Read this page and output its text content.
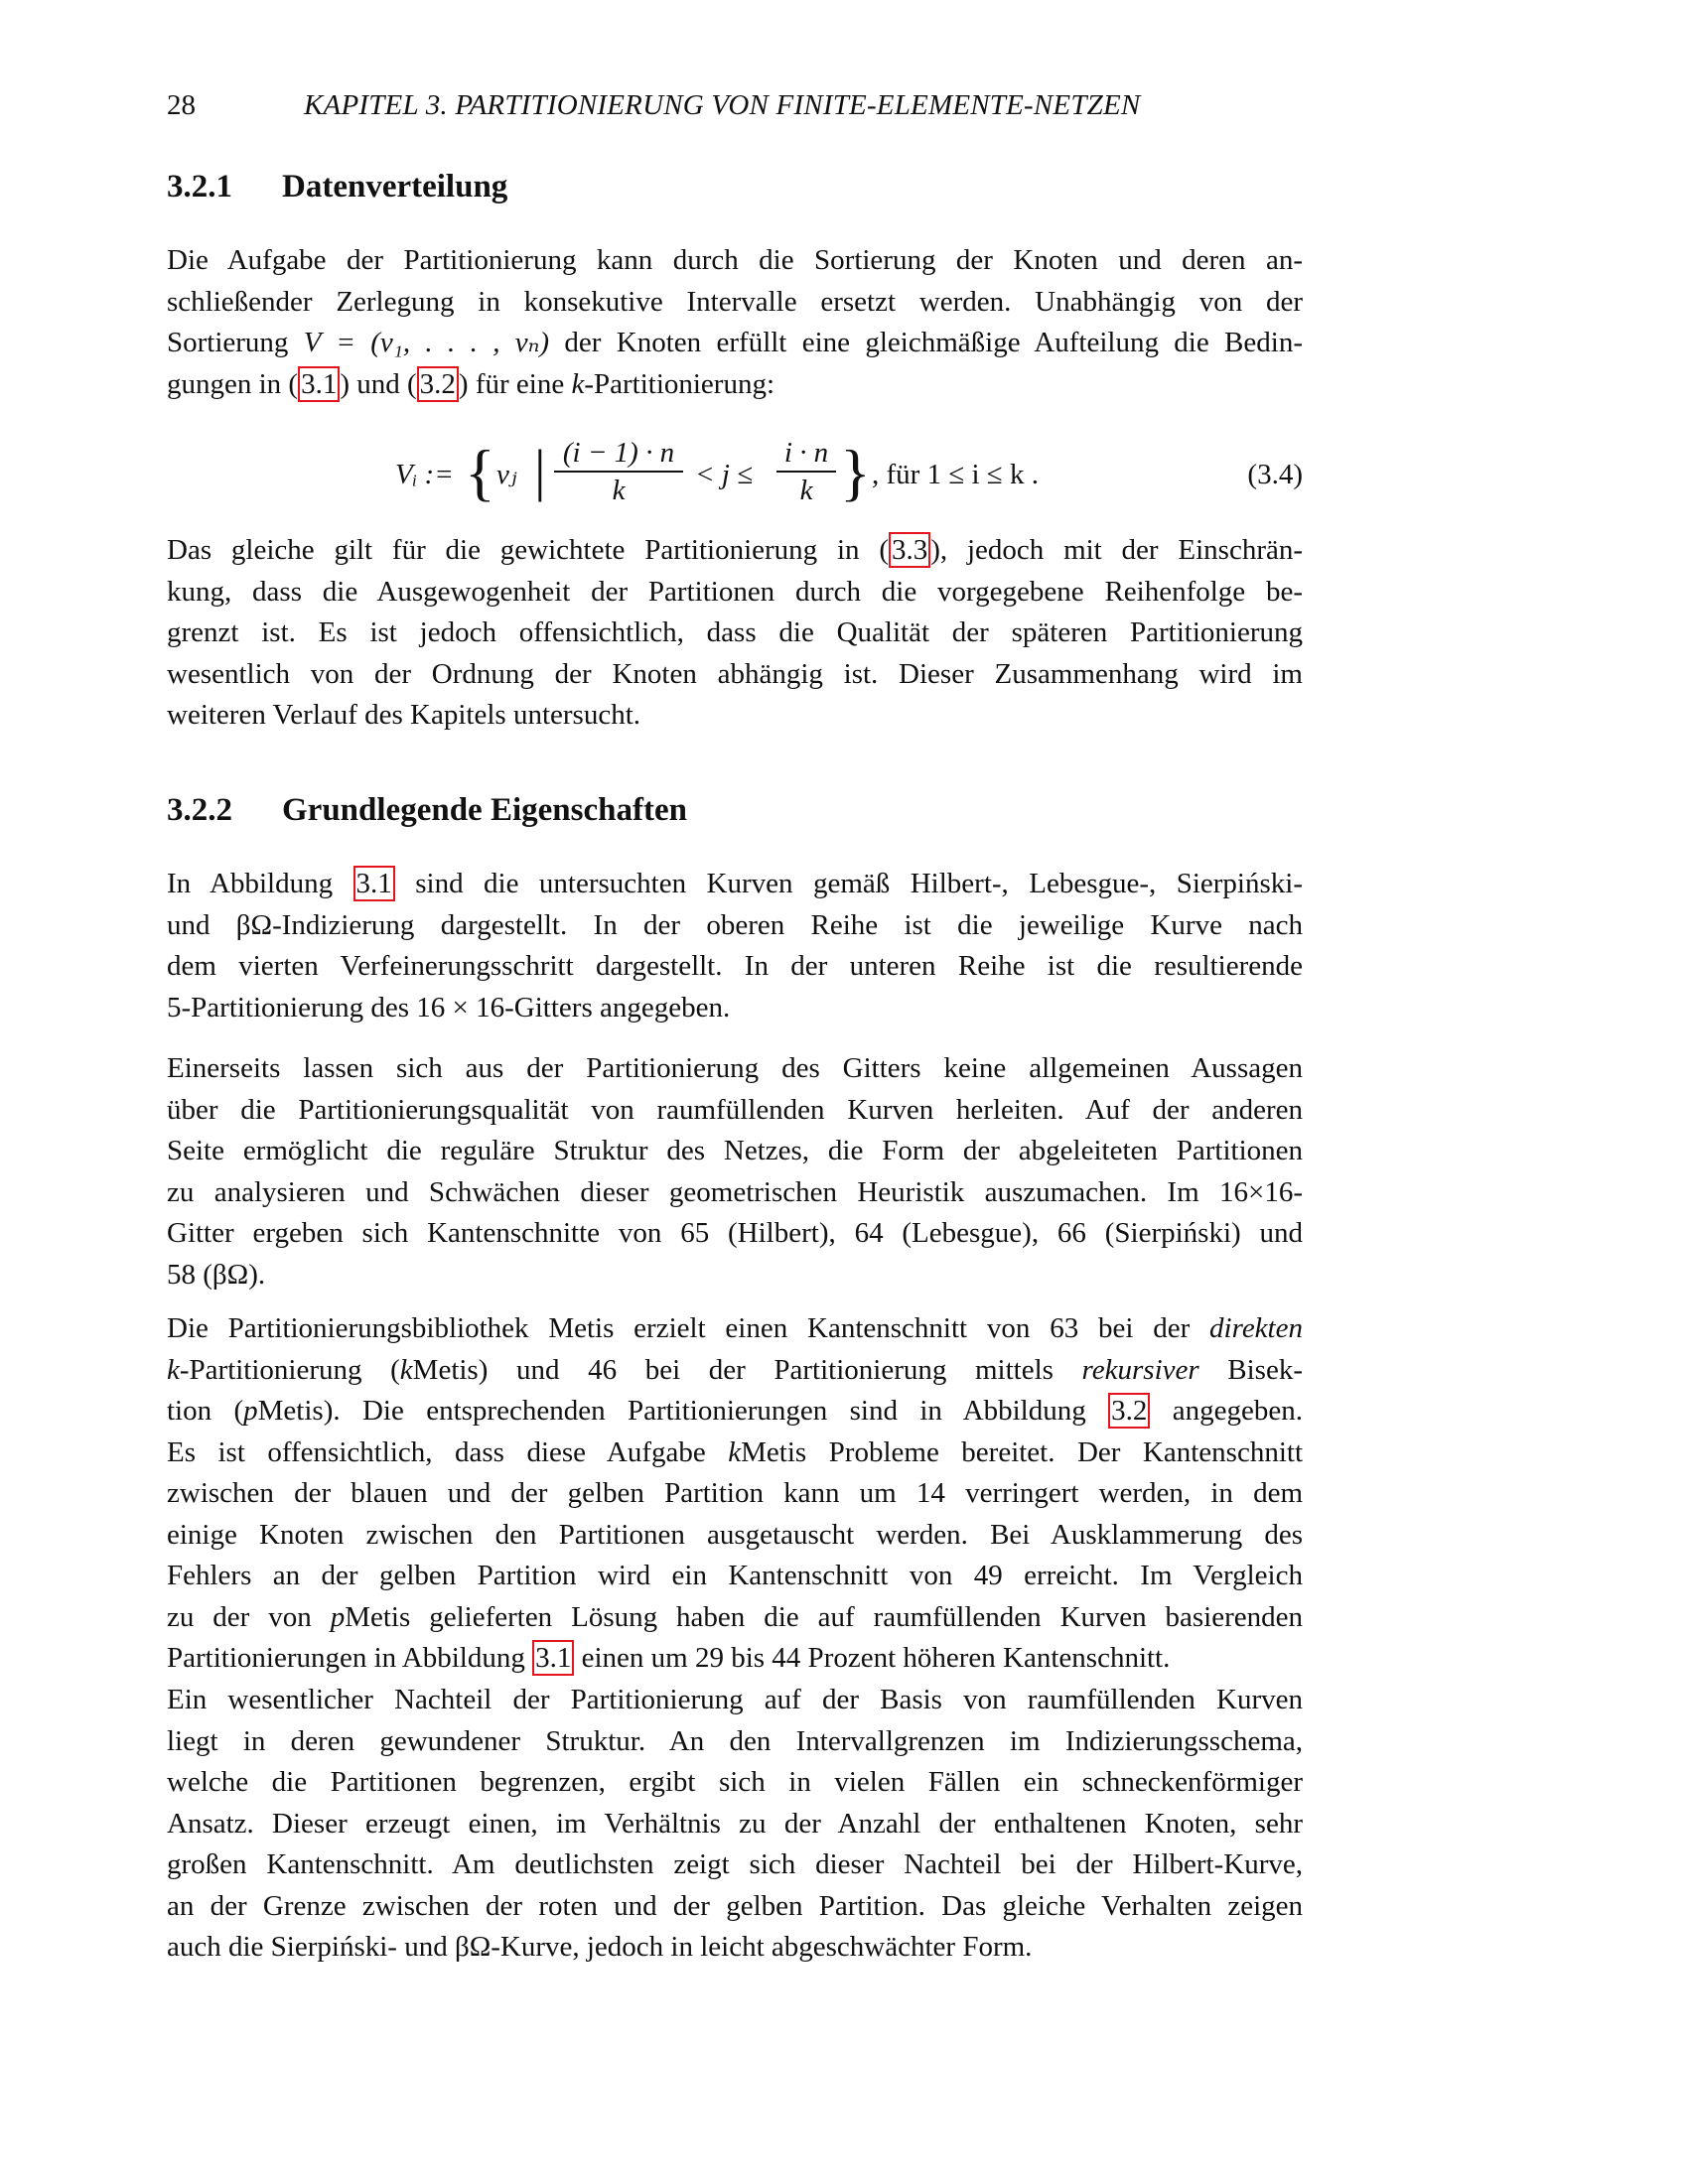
28	KAPITEL 3. PARTITIONIERUNG VON FINITE-ELEMENTE-NETZEN
3.2.1 Datenverteilung
Die Aufgabe der Partitionierung kann durch die Sortierung der Knoten und deren an-
schließender Zerlegung in konsekutive Intervalle ersetzt werden. Unabhängig von der
Sortierung V = (v₁, . . . , vₙ) der Knoten erfüllt eine gleichmäßige Aufteilung die Bedin-
gungen in ( 3.1 ) und ( 3.2 ) für eine k-Partitionierung:
Vᵢ := { vⱼ | $\frac{(i - 1) \cdot n}{k} < j \le \frac{i \cdot n}{k}$ } , für 1 ≤ i ≤ k .	(3.4)
Das gleiche gilt für die gewichtete Partitionierung in ( 3.3 ), jedoch mit der Einschrän-
kung, dass die Ausgewogenheit der Partitionen durch die vorgegebene Reihenfolge be-
grenzt ist. Es ist jedoch offensichtlich, dass die Qualität der späteren Partitionierung
wesentlich von der Ordnung der Knoten abhängig ist. Dieser Zusammenhang wird im
weiteren Verlauf des Kapitels untersucht.
3.2.2 Grundlegende Eigenschaften
In Abbildung 3.1 sind die untersuchten Kurven gemäß Hilbert-, Lebesgue-, Sierpiński-
und βΩ-Indizierung dargestellt. In der oberen Reihe ist die jeweilige Kurve nach
dem vierten Verfeinerungsschritt dargestellt. In der unteren Reihe ist die resultierende
5-Partitionierung des 16 × 16-Gitters angegeben.
Einerseits lassen sich aus der Partitionierung des Gitters keine allgemeinen Aussagen
über die Partitionierungsqualität von raumfüllenden Kurven herleiten. Auf der anderen
Seite ermöglicht die reguläre Struktur des Netzes, die Form der abgeleiteten Partitionen
zu analysieren und Schwächen dieser geometrischen Heuristik auszumachen. Im 16×16-
Gitter ergeben sich Kantenschnitte von 65 (Hilbert), 64 (Lebesgue), 66 (Sierpiński) und
58 (βΩ).
Die Partitionierungsbibliothek Metis erzielt einen Kantenschnitt von 63 bei der direkten
k-Partitionierung (kMetis) und 46 bei der Partitionierung mittels rekursiver Bisek-
tion (pMetis). Die entsprechenden Partitionierungen sind in Abbildung 3.2 angegeben.
Es ist offensichtlich, dass diese Aufgabe kMetis Probleme bereitet. Der Kantenschnitt
zwischen der blauen und der gelben Partition kann um 14 verringert werden, in dem
einige Knoten zwischen den Partitionen ausgetauscht werden. Bei Ausklammerung des
Fehlers an der gelben Partition wird ein Kantenschnitt von 49 erreicht. Im Vergleich
zu der von pMetis gelieferten Lösung haben die auf raumfüllenden Kurven basierenden
Partitionierungen in Abbildung 3.1 einen um 29 bis 44 Prozent höheren Kantenschnitt.
Ein wesentlicher Nachteil der Partitionierung auf der Basis von raumfüllenden Kurven
liegt in deren gewundener Struktur. An den Intervallgrenzen im Indizierungsschema,
welche die Partitionen begrenzen, ergibt sich in vielen Fällen ein schneckenförmiger
Ansatz. Dieser erzeugt einen, im Verhältnis zu der Anzahl der enthaltenen Knoten, sehr
großen Kantenschnitt. Am deutlichsten zeigt sich dieser Nachteil bei der Hilbert-Kurve,
an der Grenze zwischen der roten und der gelben Partition. Das gleiche Verhalten zeigen
auch die Sierpiński- und βΩ-Kurve, jedoch in leicht abgeschwächter Form.
